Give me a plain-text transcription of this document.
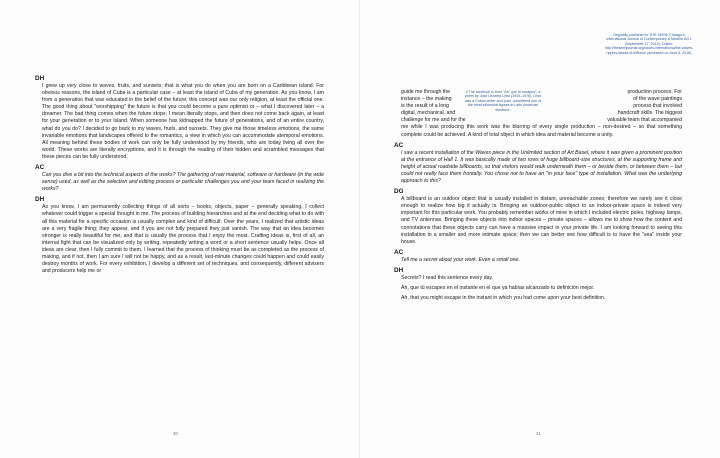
DH
I grew up very close to waves, fruits, and sunsets; that is what you do when you are born on a Caribbean island. For obvious reasons, the island of Cuba is a particular case – at least the island of Cuba of my generation. As you know, I am from a generation that was educated in the belief of the future; this concept was our only religion, at least the official one. The good thing about "worshipping" the future is that you could become a pure optimist or – what I discovered later – a dreamer. The bad thing comes when the future stops; I mean literally stops, and then does not come back again, at least for your generation or to your island. When someone has kidnapped the future of generations, and of an entire country, what do you do? I decided to go back to my waves, fruits, and sunsets. They give me those timeless emotions, the same invariable emotions that landscapes offered to the romantics, a view in which you can accommodate atemporal emotions. All meaning behind these bodies of work can only be fully understood by my friends, who are today living all over the world. These works are literally encryptions, and it is through the reading of their hidden and scrambled messages that these pieces can be fully understood.
AC
Can you dive a bit into the technical aspects of the works? The gathering of raw material, software or hardware (in the wide sense) used, as well as the selection and editing process or particular challenges you and your team faced in realizing the works?
DH
As you know, I am permanently collecting things of all sorts – books, objects, paper – generally speaking, I collect whatever could trigger a special thought in me. The process of building hierarchies and at the end deciding what to do with all this material for a specific occasion is usually complex and kind of difficult. Over the years, I realized that artistic ideas are a very fragile thing; they appear, and if you are not fully prepared they just vanish. The way that an idea becomes stronger is really beautiful for me, and that is usually the process that I enjoy the most. Crafting ideas is, first of all, an internal fight that can be visualized only by writing, repeatedly writing a word or a short sentence usually helps. Once all ideas are clear, then I fully commit to them. I learned that the process of thinking must be as completed as the process of making, and if not, then I am sure I will not be happy, and as a result, last-minute changes could happen and could easily destroy months of work. For every exhibition, I develop a different set of techniques, and consequently, different advisers and producers help me or
30
Originally published in THE SEEN: Chicago's International Journal of Contemporary & Modern Art 1 (September 17, 2014). Online: http://theseenjournal.org/cases-international/the-waves-ripples-desde-el-infierno/ (accessed on June 6, 2016)
4 The sentence is from "Ah, que tú escapes", a poem by José Lezama Lima (1910–1976). Lima was a Cuban writer and poet, considered one of the most influential figures in Latin American literature.
guide me through the	production process. For
instance – the making	of the wave paintings
is the result of a long	process that involved
digital, mechanical, and	handcraft skills. The biggest
challenge for me and for the	valuable team that accompanied
me while I was producing this work was the blurring of every single production – non-desired – so that something complete could be achieved. A kind of total object in which idea and material become a unity.
AC
I saw a recent installation of the Waves piece in the Unlimited section of Art Basel, where it was given a prominent position at the entrance of Hall 1. It was basically made of two rows of huge billboard-size structures, at the supporting frame and height of actual roadside billboards, so that visitors would walk underneath them – or beside them, or between them – but could not really face them frontally. You chose not to have an "in your face" type of installation. What was the underlying approach to this?
DG
A billboard is an outdoor object that is usually installed in distant, unreachable zones; therefore we rarely see it close enough to realize how big it actually is. Bringing an outdoor-public object to an indoor-private space is indeed very important for this particular work. You probably remember works of mine in which I included electric poles, highway lamps, and TV antennas. Bringing these objects into indoor spaces – private spaces – allows me to show how the content and connotations that these objects carry can have a massive impact in your private life. I am looking forward to seeing this installation in a smaller and more intimate space; then we can better see how difficult is to have the "sea" inside your house.
AC
Tell me a secret about your work. Even a small one.
DH
Secrets? I read this sentence every day.
Ah, que tú escapes en el instante en el que ya habías alcanzado tu definición mejor.
Ah, that you might escape in the instant in which you had come upon your best definition.
31
